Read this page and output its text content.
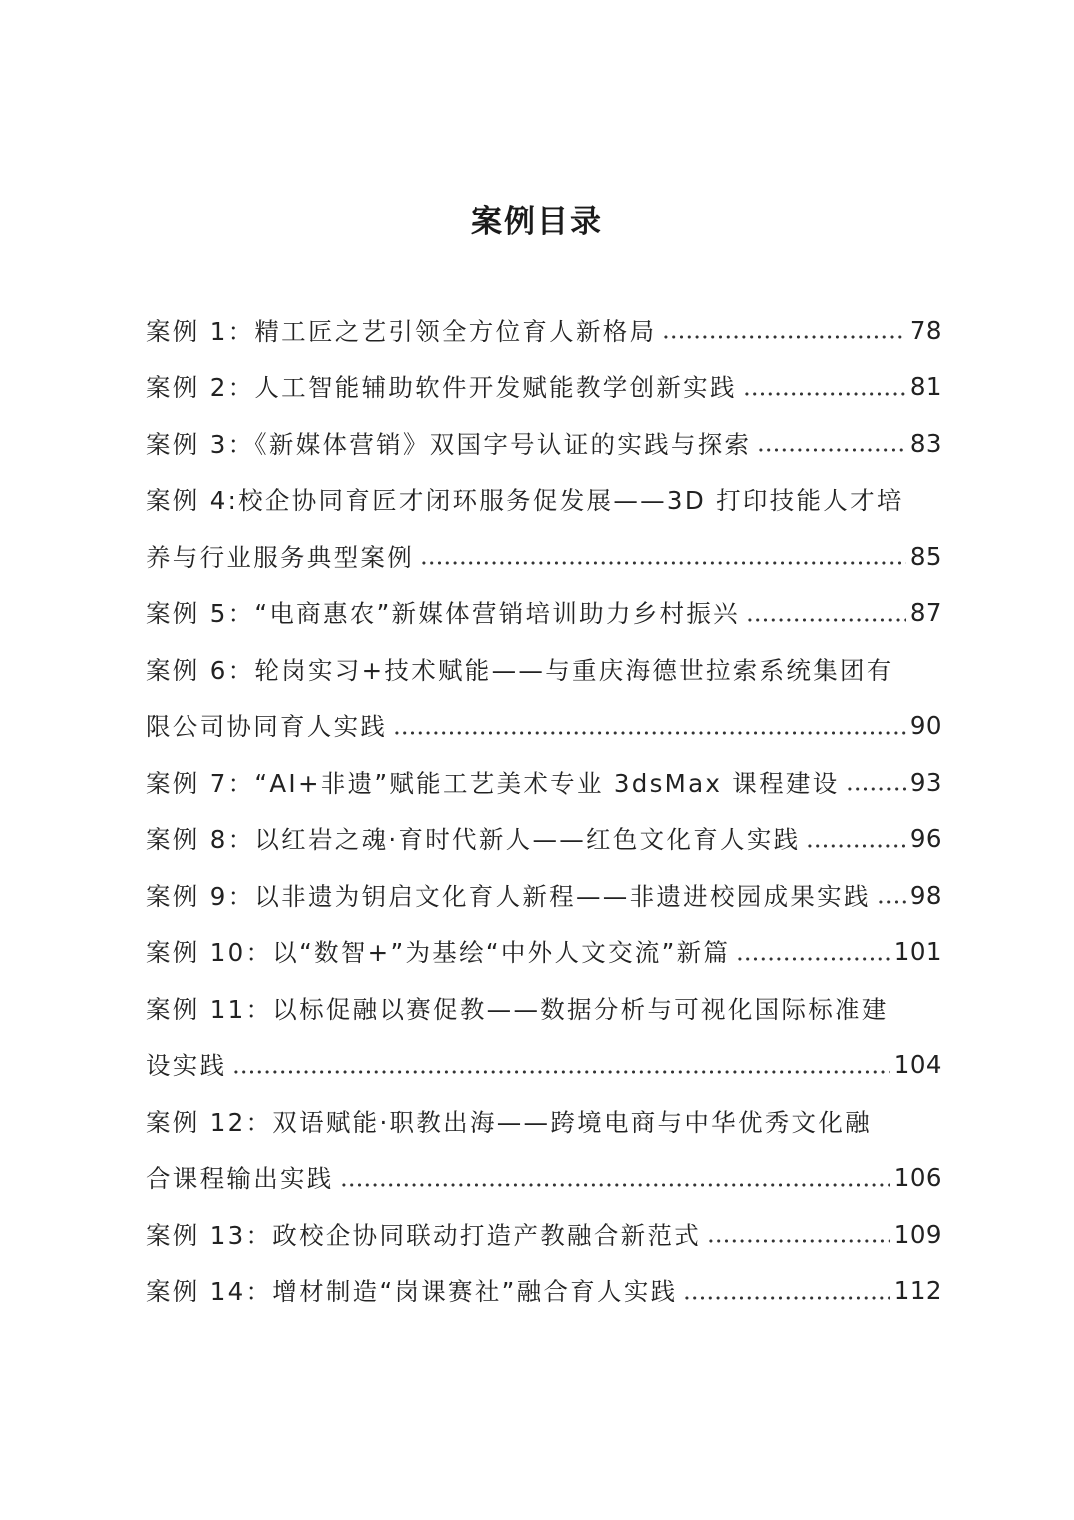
案例目录
案例 1：精工匠之艺引领全方位育人新格局	78
案例 2：人工智能辅助软件开发赋能教学创新实践	81
案例 3：《新媒体营销》双国字号认证的实践与探索	83
案例 4:校企协同育匠才闭环服务促发展——3D 打印技能人才培
养与行业服务典型案例	85
案例 5：“电商惠农”新媒体营销培训助力乡村振兴	87
案例 6：轮岗实习+技术赋能——与重庆海德世拉索系统集团有
限公司协同育人实践	90
案例 7：“AI+非遗”赋能工艺美术专业 3dsMax 课程建设	93
案例 8：以红岩之魂·育时代新人——红色文化育人实践	96
案例 9：以非遗为钥启文化育人新程——非遗进校园成果实践 98
案例 10：以“数智+”为基绘“中外人文交流”新篇	101
案例 11：以标促融以赛促教——数据分析与可视化国际标准建
设实践	104
案例 12：双语赋能·职教出海——跨境电商与中华优秀文化融
合课程输出实践	106
案例 13：政校企协同联动打造产教融合新范式	109
案例 14：增材制造“岗课赛社”融合育人实践	112
